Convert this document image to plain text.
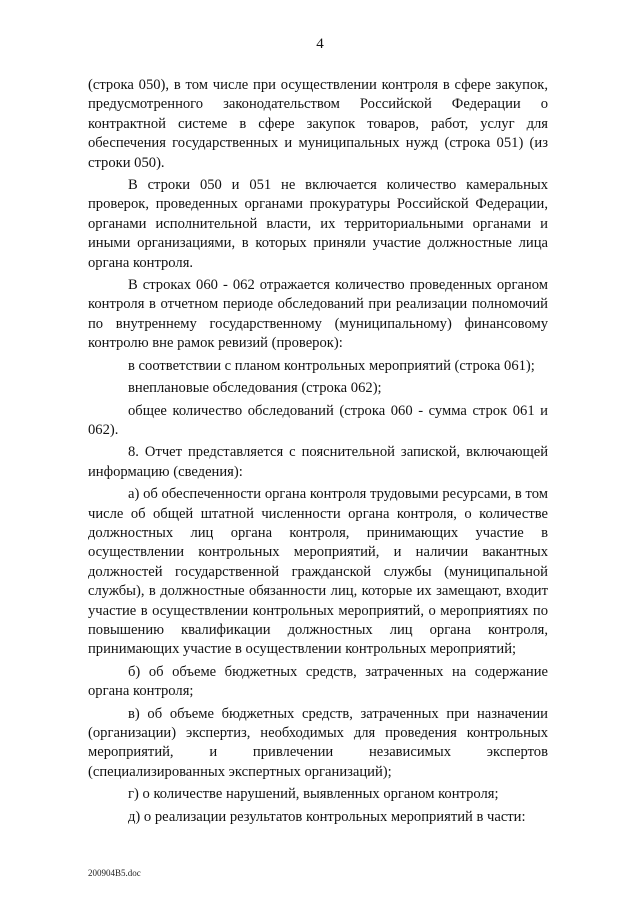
4

(строка 050), в том числе при осуществлении контроля в сфере закупок, предусмотренного законодательством Российской Федерации о контрактной системе в сфере закупок товаров, работ, услуг для обеспечения государственных и муниципальных нужд (строка 051) (из строки 050).

В строки 050 и 051 не включается количество камеральных проверок, проведенных органами прокуратуры Российской Федерации, органами исполнительной власти, их территориальными органами и иными организациями, в которых приняли участие должностные лица органа контроля.

В строках 060 - 062 отражается количество проведенных органом контроля в отчетном периоде обследований при реализации полномочий по внутреннему государственному (муниципальному) финансовому контролю вне рамок ревизий (проверок):

в соответствии с планом контрольных мероприятий (строка 061);

внеплановые обследования (строка 062);

общее количество обследований (строка 060 - сумма строк 061 и 062).

8. Отчет представляется с пояснительной запиской, включающей информацию (сведения):

а) об обеспеченности органа контроля трудовыми ресурсами, в том числе об общей штатной численности органа контроля, о количестве должностных лиц органа контроля, принимающих участие в осуществлении контрольных мероприятий, и наличии вакантных должностей государственной гражданской службы (муниципальной службы), в должностные обязанности лиц, которые их замещают, входит участие в осуществлении контрольных мероприятий, о мероприятиях по повышению квалификации должностных лиц органа контроля, принимающих участие в осуществлении контрольных мероприятий;

б) об объеме бюджетных средств, затраченных на содержание органа контроля;

в) об объеме бюджетных средств, затраченных при назначении (организации) экспертиз, необходимых для проведения контрольных мероприятий, и привлечении независимых экспертов (специализированных экспертных организаций);

г) о количестве нарушений, выявленных органом контроля;

д) о реализации результатов контрольных мероприятий в части:

200904B5.doc
